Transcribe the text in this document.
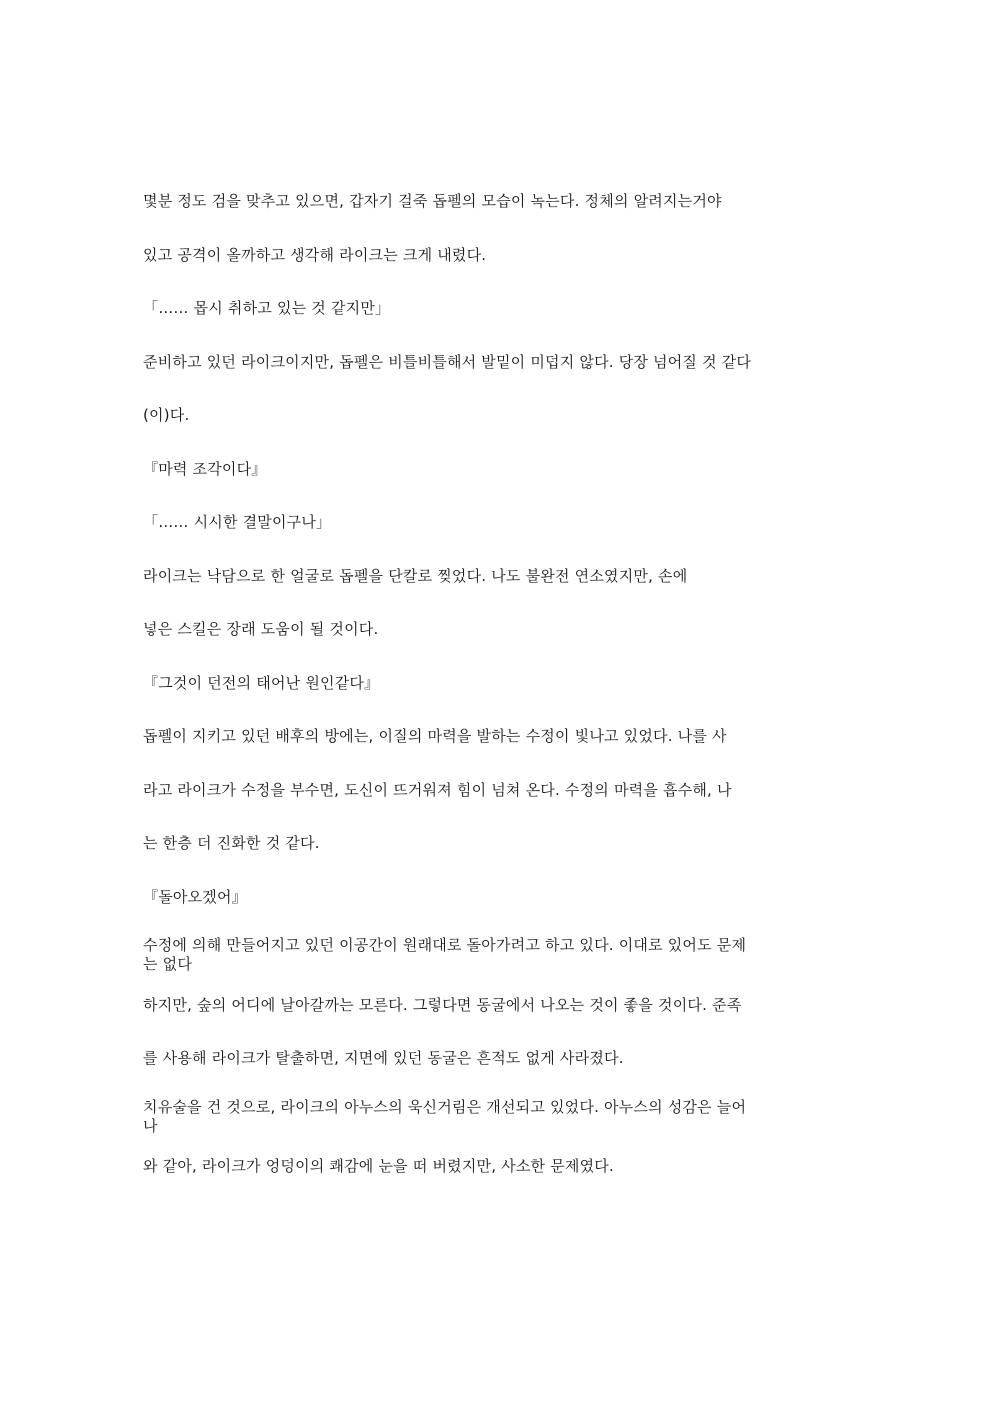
몇분 정도 검을 맞추고 있으면, 갑자기 걸죽 돕펠의 모습이 녹는다. 정체의 알려지는거야
있고 공격이 올까하고 생각해 라이크는 크게 내렸다.
「…… 몹시 취하고 있는 것 같지만」
준비하고 있던 라이크이지만, 돕펠은 비틀비틀해서 발밑이 미덥지 않다. 당장 넘어질 것 같다
(이)다.
『마력 조각이다』
「…… 시시한 결말이구나」
라이크는 낙담으로 한 얼굴로 돕펠을 단칼로 찢었다. 나도 불완전 연소였지만, 손에
넣은 스킬은 장래 도움이 될 것이다.
『그것이 던전의 태어난 원인같다』
돕펠이 지키고 있던 배후의 방에는, 이질의 마력을 발하는 수정이 빛나고 있었다. 나를 사
라고 라이크가 수정을 부수면, 도신이 뜨거워져 힘이 넘쳐 온다. 수정의 마력을 흡수해, 나
는 한층 더 진화한 것 같다.
『돌아오겠어』
수정에 의해 만들어지고 있던 이공간이 원래대로 돌아가려고 하고 있다. 이대로 있어도 문제
는 없다
하지만, 숲의 어디에 날아갈까는 모른다. 그렇다면 동굴에서 나오는 것이 좋을 것이다. 준족
를 사용해 라이크가 탈출하면, 지면에 있던 동굴은 흔적도 없게 사라졌다.
치유술을 건 것으로, 라이크의 아누스의 욱신거림은 개선되고 있었다. 아누스의 성감은 늘어
나
와 같아, 라이크가 엉덩이의 쾌감에 눈을 떠 버렸지만, 사소한 문제였다.
